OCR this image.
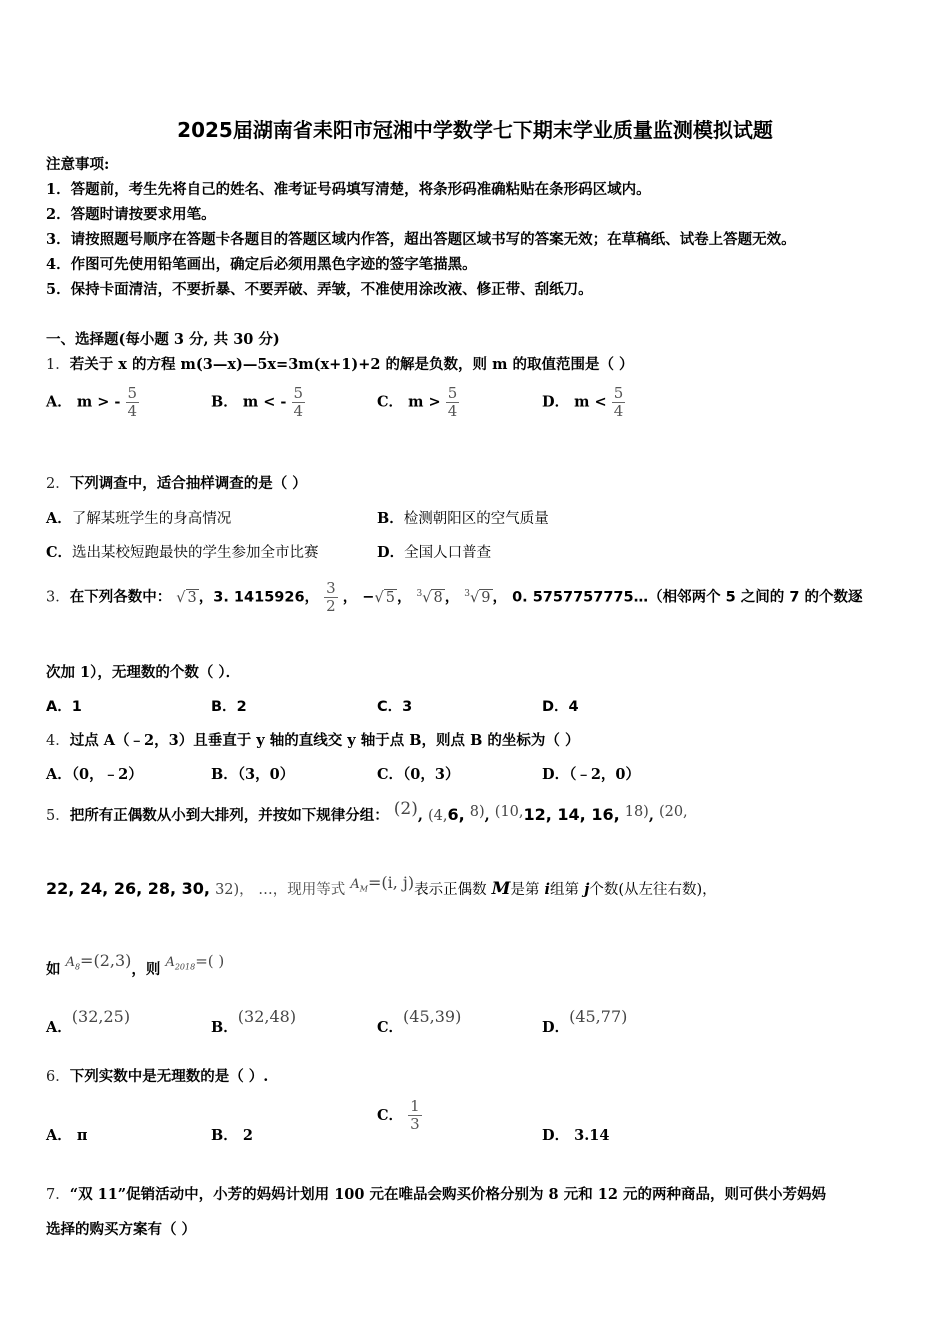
2025届湖南省耒阳市冠湘中学数学七下期末学业质量监测模拟试题
注意事项:
1．答题前，考生先将自己的姓名、准考证号码填写清楚，将条形码准确粘贴在条形码区域内。
2．答题时请按要求用笔。
3．请按照题号顺序在答题卡各题目的答题区域内作答，超出答题区域书写的答案无效；在草稿纸、试卷上答题无效。
4．作图可先使用铅笔画出，确定后必须用黑色字迹的签字笔描黑。
5．保持卡面清洁，不要折暴、不要弄破、弄皱，不准使用涂改液、修正带、刮纸刀。
一、选择题(每小题 3 分, 共 30 分)
1．若关于 x 的方程 m(3—x)—5x=3m(x+1)+2 的解是负数，则 m 的取值范围是（ ）
A． m > - $\frac{5}{4}$	B． m < - $\frac{5}{4}$	C． $m > \frac{5}{4}$	D． $m < \frac{5}{4}$
2．下列调查中，适合抽样调查的是（ ）
A．了解某班学生的身高情况	B．检测朝阳区的空气质量
C．选出某校短跑最快的学生参加全市比赛	D．全国人口普查
3．在下列各数中： √ 3 ，3. 1415926， $\frac{3}{2}$ ， −√ 5 ， $^3$√ 8 ， $^3$√ 9 ， 0. 5757757775…（相邻两个 5 之间的 7 的个数逐
次加 1），无理数的个数（ ）．
A．1	B．2	C．3	D．4
4．过点 A（﹣2，3）且垂直于 y 轴的直线交 y 轴于点 B，则点 B 的坐标为（ ）
A．（0，﹣2）	B．（3，0）	C．（0，3）	D．（﹣2，0）
5．把所有正偶数从小到大排列，并按如下规律分组： (2), (4,6, 8), (10,12, 14, 16, 18), (20,
22, 24, 26, 28, 30, 32)， …，现用等式 $A_M=(i$, j)表示正偶数 M是第 i组第 j个数(从左往右数)，
如 $A_8=(2,3)$，则 $A_{2018}=$( )
A．(32,25)
B．(32,48)
C．(45,39)
D．(45,77)
6．下列实数中是无理数的是（ ）.
A． π	B． 2
C． $\frac{1}{3}$
D． 3.14
7．“双 11”促销活动中，小芳的妈妈计划用 100 元在唯品会购买价格分别为 8 元和 12 元的两种商品，则可供小芳妈妈
选择的购买方案有（ ）
